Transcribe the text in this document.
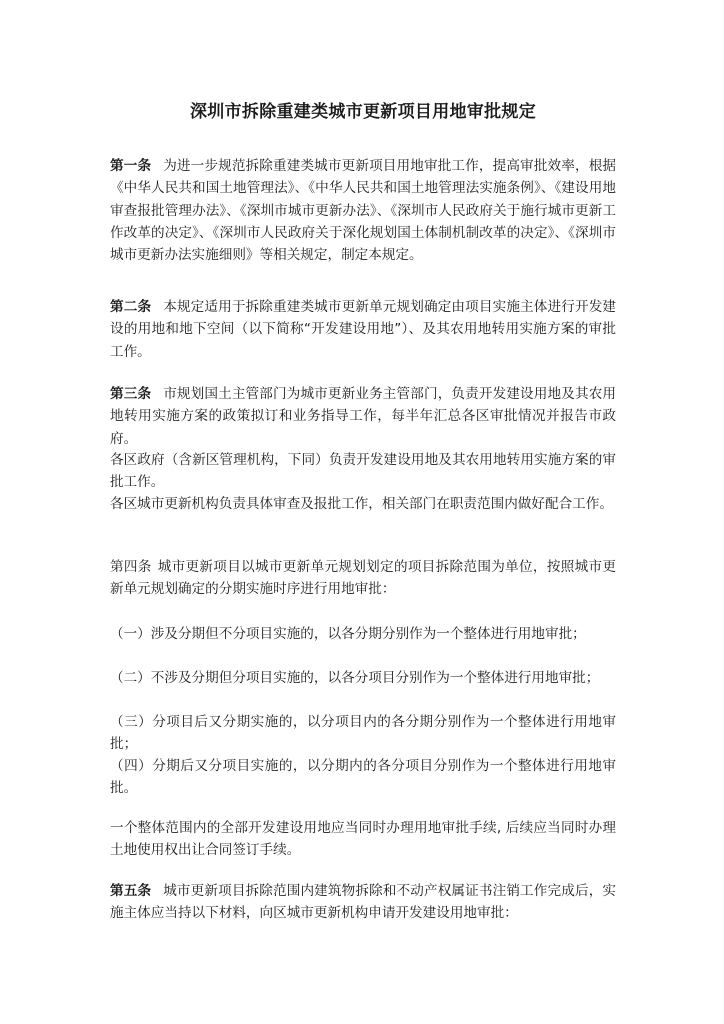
深圳市拆除重建类城市更新项目用地审批规定

第一条 为进一步规范拆除重建类城市更新项目用地审批工作，提高审批效率，根据《中华人民共和国土地管理法》、《中华人民共和国土地管理法实施条例》、《建设用地审查报批管理办法》、《深圳市城市更新办法》、《深圳市人民政府关于施行城市更新工作改革的决定》、《深圳市人民政府关于深化规划国土体制机制改革的决定》、《深圳市城市更新办法实施细则》等相关规定，制定本规定。

第二条 本规定适用于拆除重建类城市更新单元规划确定由项目实施主体进行开发建设的用地和地下空间（以下简称“开发建设用地”）、及其农用地转用实施方案的审批工作。

第三条 市规划国土主管部门为城市更新业务主管部门，负责开发建设用地及其农用地转用实施方案的政策拟订和业务指导工作，每半年汇总各区审批情况并报告市政府。

各区政府（含新区管理机构，下同）负责开发建设用地及其农用地转用实施方案的审批工作。

各区城市更新机构负责具体审查及报批工作，相关部门在职责范围内做好配合工作。

第四条 城市更新项目以城市更新单元规划划定的项目拆除范围为单位，按照城市更新单元规划确定的分期实施时序进行用地审批：

（一）涉及分期但不分项目实施的，以各分期分别作为一个整体进行用地审批；

（二）不涉及分期但分项目实施的，以各分项目分别作为一个整体进行用地审批；

（三）分项目后又分期实施的，以分项目内的各分期分别作为一个整体进行用地审批；

（四）分期后又分项目实施的，以分期内的各分项目分别作为一个整体进行用地审批。

一个整体范围内的全部开发建设用地应当同时办理用地审批手续, 后续应当同时办理土地使用权出让合同签订手续。

第五条 城市更新项目拆除范围内建筑物拆除和不动产权属证书注销工作完成后，实施主体应当持以下材料，向区城市更新机构申请开发建设用地审批：
